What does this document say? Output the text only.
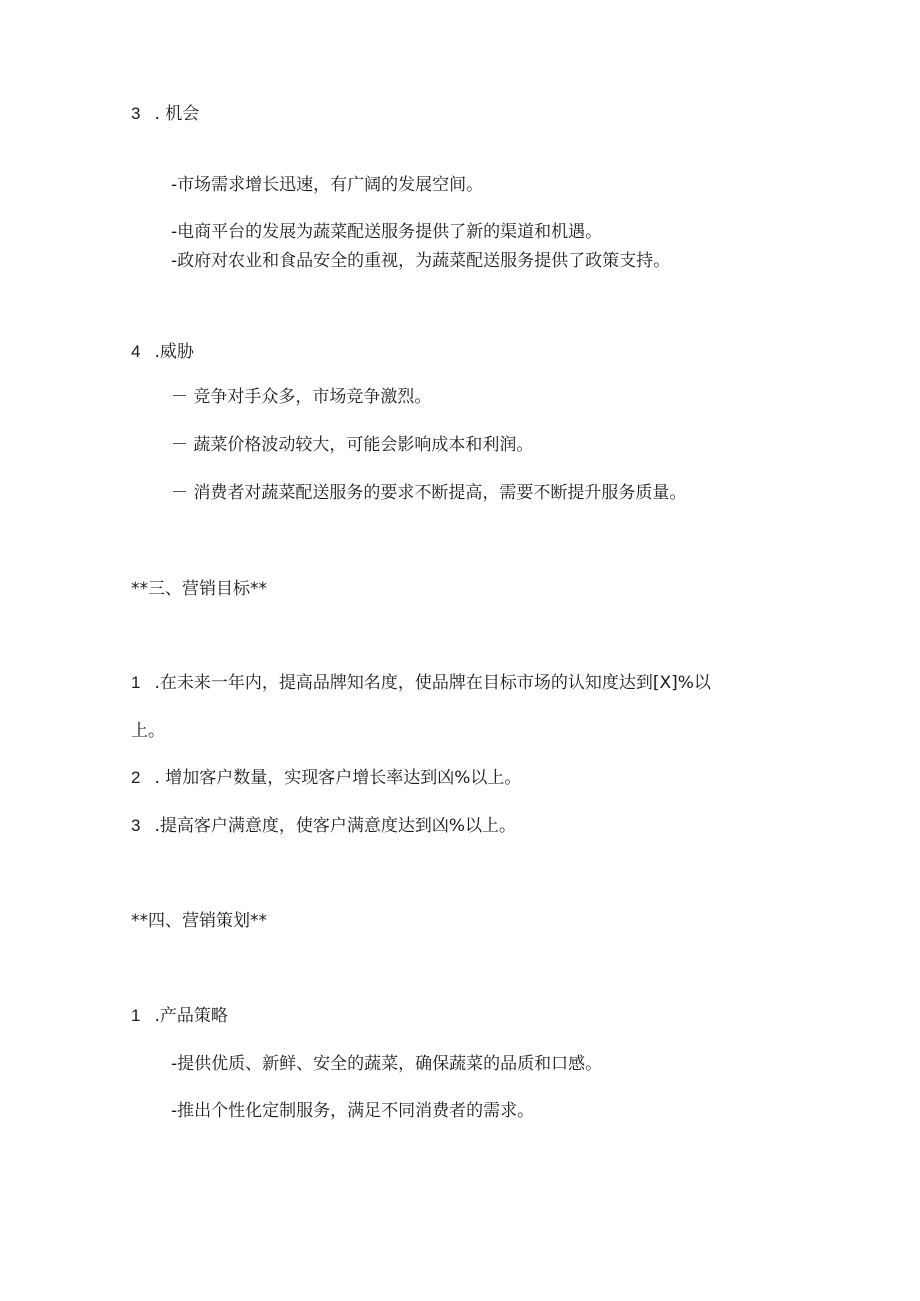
3 . 机会

-市场需求增长迅速，有广阔的发展空间。

-电商平台的发展为蔬菜配送服务提供了新的渠道和机遇。

-政府对农业和食品安全的重视，为蔬菜配送服务提供了政策支持。

4 .威胁

－ 竞争对手众多，市场竞争激烈。

－ 蔬菜价格波动较大，可能会影响成本和利润。

－ 消费者对蔬菜配送服务的要求不断提高，需要不断提升服务质量。

**三、营销目标**

1 .在未来一年内，提高品牌知名度，使品牌在目标市场的认知度达到[X]%以

上。

2 . 增加客户数量，实现客户增长率达到凶%以上。
3 .提高客户满意度，使客户满意度达到凶%以上。

**四、营销策划**

1 .产品策略

-提供优质、新鲜、安全的蔬菜，确保蔬菜的品质和口感。

-推出个性化定制服务，满足不同消费者的需求。
